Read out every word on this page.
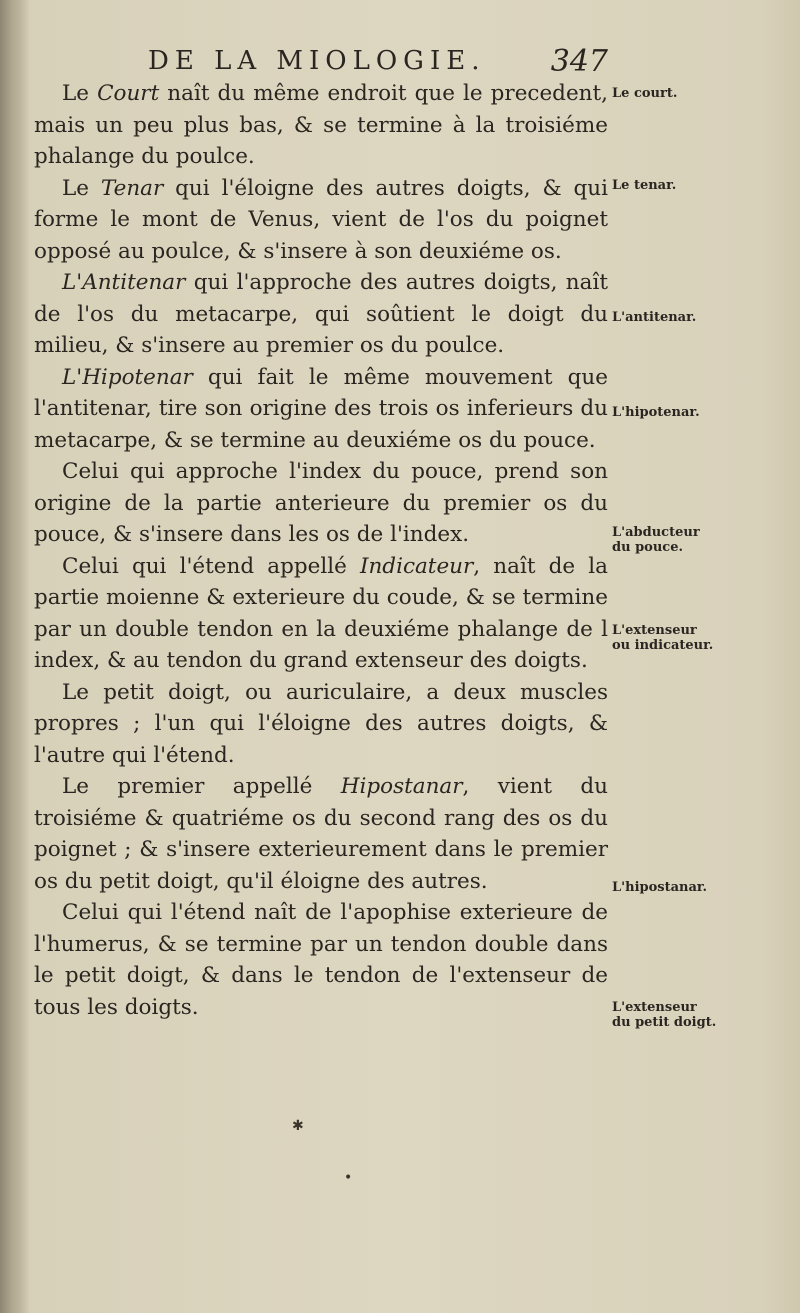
DE LA MIOLOGIE. 347

Le Court naît du même endroit que le precedent, mais un peu plus bas, & se termine à la troisiéme phalange du poulce.

Le Tenar qui l'éloigne des autres doigts, & qui forme le mont de Venus, vient de l'os du poignet opposé au poulce, & s'insere à son deuxiéme os.

L'Antitenar qui l'approche des autres doigts, naît de l'os du metacarpe, qui soûtient le doigt du milieu, & s'insere au premier os du poulce.

L'Hipotenar qui fait le même mouvement que l'antitenar, tire son origine des trois os inferieurs du metacarpe, & se termine au deuxiéme os du pouce.

Celui qui approche l'index du pouce, prend son origine de la partie anterieure du premier os du pouce, & s'insere dans les os de l'index.

Celui qui l'étend appellé Indicateur, naît de la partie moienne & exterieure du coude, & se termine par un double tendon en la deuxiéme phalange de l index, & au tendon du grand extenseur des doigts.

Le petit doigt, ou auriculaire, a deux muscles propres ; l'un qui l'éloigne des autres doigts, & l'autre qui l'étend.

Le premier appellé Hipostanar, vient du troisiéme & quatriéme os du second rang des os du poignet ; & s'insere exterieurement dans le premier os du petit doigt, qu'il éloigne des autres.

Celui qui l'étend naît de l'apophise exterieure de l'humerus, & se termine par un tendon double dans le petit doigt, & dans le tendon de l'extenseur de tous les doigts.

Le court.
Le tenar.
L'antitenar.
L'hipotenar.
L'abducteur du pouce.
L'extenseur ou indicateur.
L'hipostanar.
L'extenseur du petit doigt.
✱
•
